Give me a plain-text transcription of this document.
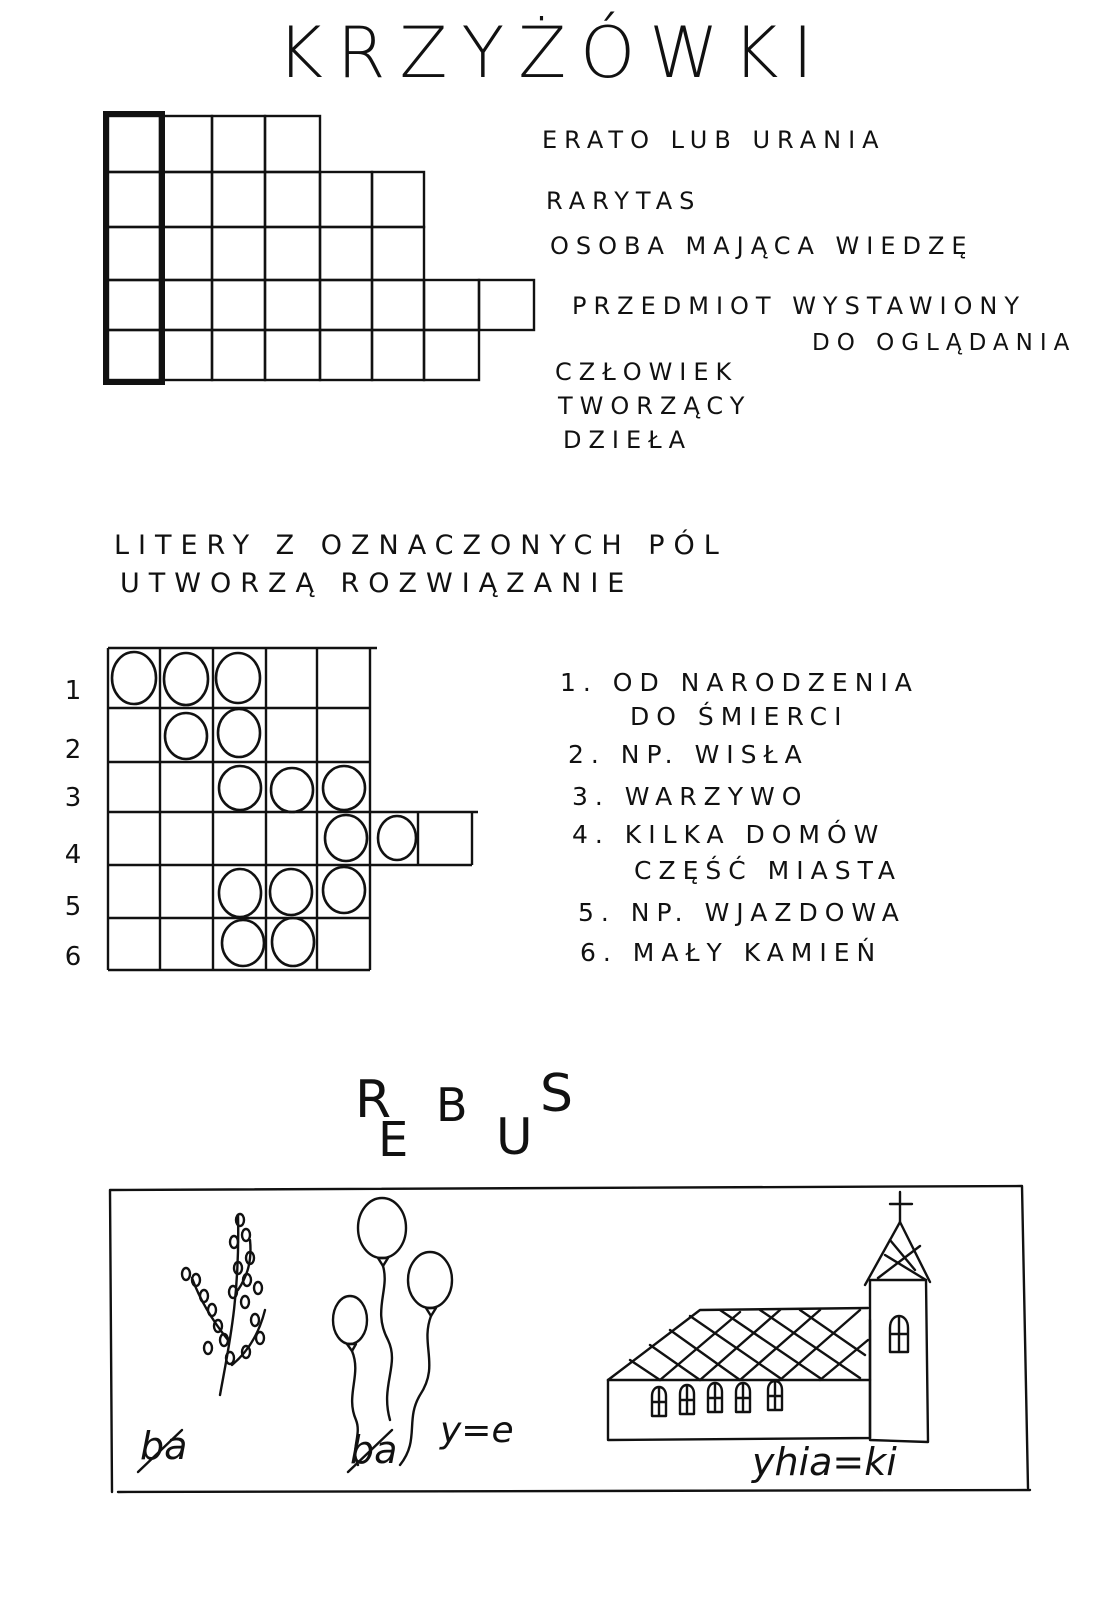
KRZYŻÓWKI
ERATO LUB URANIA
RARYTAS
OSOBA MAJĄCA WIEDZĘ
PRZEDMIOT WYSTAWIONY
DO OGLĄDANIA
CZŁOWIEK
TWORZĄCY
DZIEŁA
LITERY Z OZNACZONYCH PÓL
UTWORZĄ ROZWIĄZANIE
1
2
3
4
5
6
1. OD NARODZENIA
DO ŚMIERCI
2. NP. WISŁA
3. WARZYWO
4. KILKA DOMÓW
CZĘŚĆ MIASTA
5. NP. WJAZDOWA
6. MAŁY KAMIEŃ
R
E
B
U
S
ba	ba y=e
yhia=ki
